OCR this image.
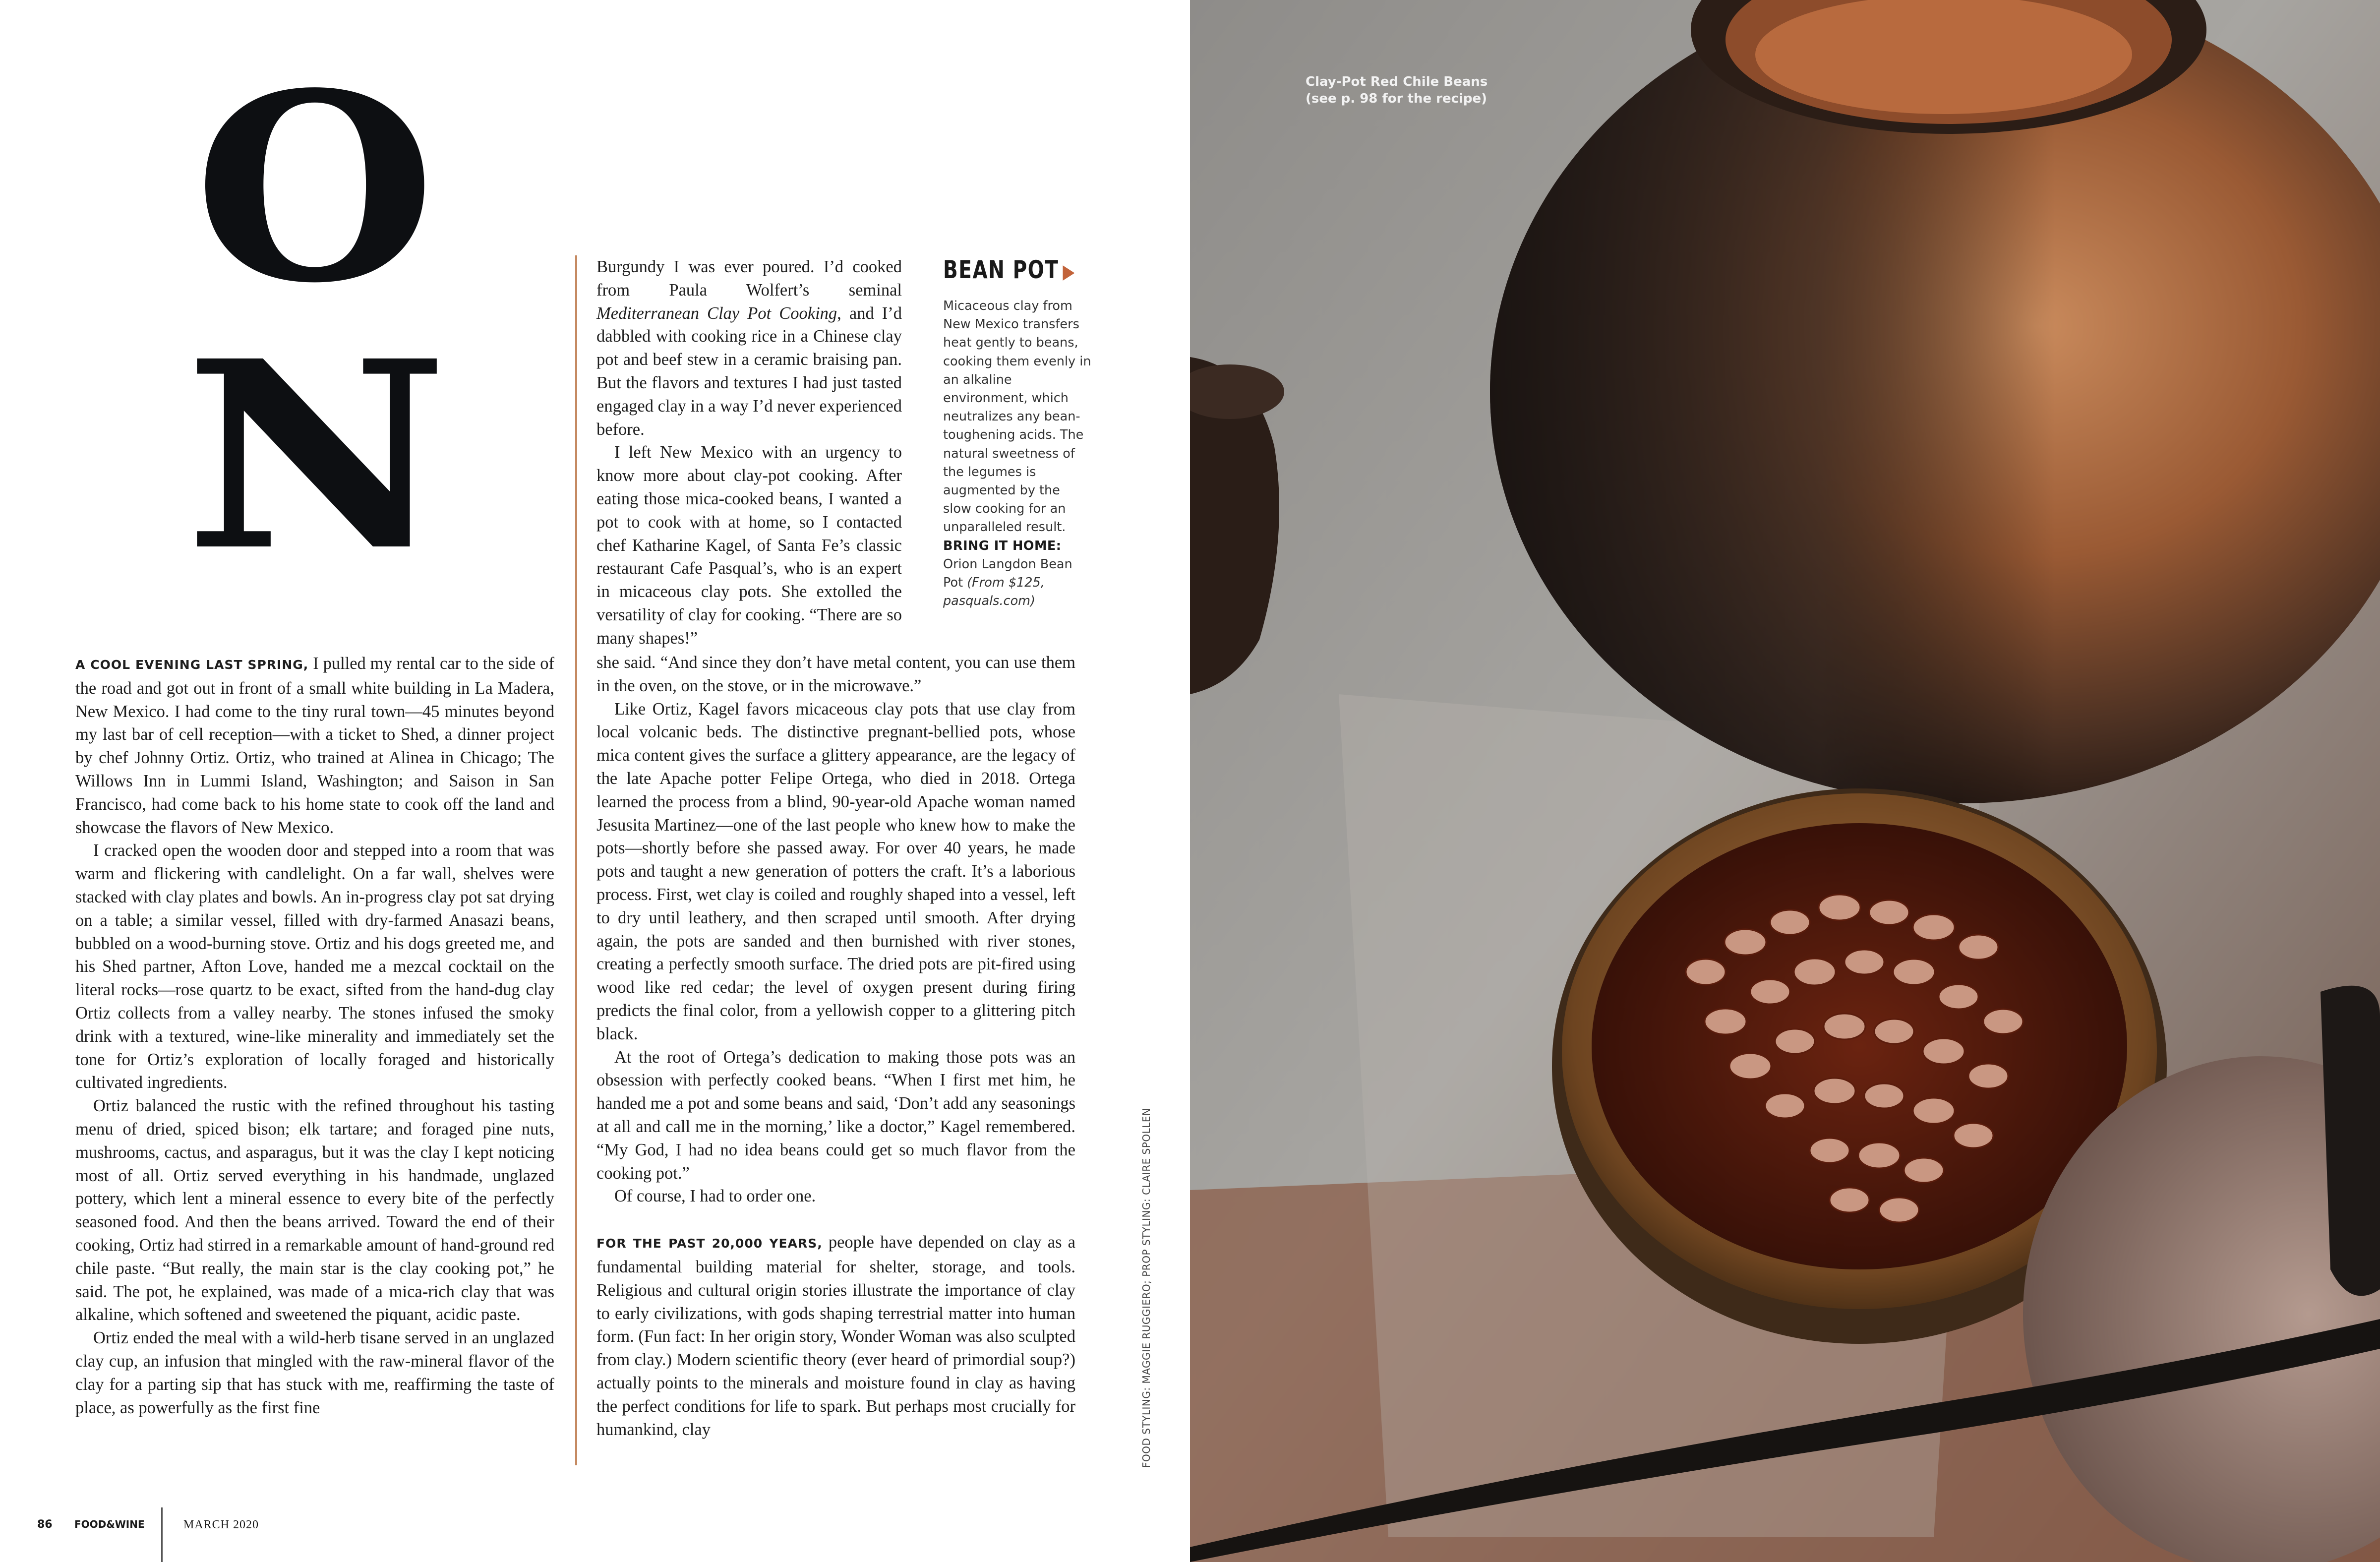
O
N

A COOL EVENING LAST SPRING, I pulled my rental car to the side of the road and got out in front of a small white building in La Madera, New Mexico. I had come to the tiny rural town—45 minutes beyond my last bar of cell reception—with a ticket to Shed, a dinner project by chef Johnny Ortiz. Ortiz, who trained at Alinea in Chicago; The Willows Inn in Lummi Island, Washington; and Saison in San Francisco, had come back to his home state to cook off the land and showcase the flavors of New Mexico.

I cracked open the wooden door and stepped into a room that was warm and flickering with candlelight. On a far wall, shelves were stacked with clay plates and bowls. An in-progress clay pot sat drying on a table; a similar vessel, filled with dry-farmed Anasazi beans, bubbled on a wood-burning stove. Ortiz and his dogs greeted me, and his Shed partner, Afton Love, handed me a mezcal cocktail on the literal rocks—rose quartz to be exact, sifted from the hand-dug clay Ortiz collects from a valley nearby. The stones infused the smoky drink with a textured, wine-like minerality and immediately set the tone for Ortiz’s exploration of locally foraged and historically cultivated ingredients.

Ortiz balanced the rustic with the refined throughout his tasting menu of dried, spiced bison; elk tartare; and foraged pine nuts, mushrooms, cactus, and asparagus, but it was the clay I kept noticing most of all. Ortiz served everything in his handmade, unglazed pottery, which lent a mineral essence to every bite of the perfectly seasoned food. And then the beans arrived. Toward the end of their cooking, Ortiz had stirred in a remarkable amount of hand-ground red chile paste. “But really, the main star is the clay cooking pot,” he said. The pot, he explained, was made of a mica-rich clay that was alkaline, which softened and sweetened the piquant, acidic paste.

Ortiz ended the meal with a wild-herb tisane served in an unglazed clay cup, an infusion that mingled with the raw-mineral flavor of the clay for a parting sip that has stuck with me, reaffirming the taste of place, as powerfully as the first fine

Burgundy I was ever poured. I’d cooked from Paula Wolfert’s seminal Mediterranean Clay Pot Cooking, and I’d dabbled with cooking rice in a Chinese clay pot and beef stew in a ceramic braising pan. But the flavors and textures I had just tasted engaged clay in a way I’d never experienced before.

I left New Mexico with an urgency to know more about clay-pot cooking. After eating those mica-cooked beans, I wanted a pot to cook with at home, so I contacted chef Katharine Kagel, of Santa Fe’s classic restaurant Cafe Pasqual’s, who is an expert in micaceous clay pots. She extolled the versatility of clay for cooking. “There are so many shapes!”

she said. “And since they don’t have metal content, you can use them in the oven, on the stove, or in the microwave.”

Like Ortiz, Kagel favors micaceous clay pots that use clay from local volcanic beds. The distinctive pregnant-bellied pots, whose mica content gives the surface a glittery appearance, are the legacy of the late Apache potter Felipe Ortega, who died in 2018. Ortega learned the process from a blind, 90-year-old Apache woman named Jesusita Martinez—one of the last people who knew how to make the pots—shortly before she passed away. For over 40 years, he made pots and taught a new generation of potters the craft. It’s a laborious process. First, wet clay is coiled and roughly shaped into a vessel, left to dry until leathery, and then scraped until smooth. After drying again, the pots are sanded and then burnished with river stones, creating a perfectly smooth surface. The dried pots are pit-fired using wood like red cedar; the level of oxygen present during firing predicts the final color, from a yellowish copper to a glittering pitch black.

At the root of Ortega’s dedication to making those pots was an obsession with perfectly cooked beans. “When I first met him, he handed me a pot and some beans and said, ‘Don’t add any seasonings at all and call me in the morning,’ like a doctor,” Kagel remembered. “My God, I had no idea beans could get so much flavor from the cooking pot.”

Of course, I had to order one.

FOR THE PAST 20,000 YEARS, people have depended on clay as a fundamental building material for shelter, storage, and tools. Religious and cultural origin stories illustrate the importance of clay to early civilizations, with gods shaping terrestrial matter into human form. (Fun fact: In her origin story, Wonder Woman was also sculpted from clay.) Modern scientific theory (ever heard of primordial soup?) actually points to the minerals and moisture found in clay as having the perfect conditions for life to spark. But perhaps most crucially for humankind, clay

BEAN POT ▶
Micaceous clay from New Mexico transfers heat gently to beans, cooking them evenly in an alkaline environment, which neutralizes any bean-toughening acids. The natural sweetness of the legumes is augmented by the slow cooking for an unparalleled result.
BRING IT HOME: Orion Langdon Bean Pot (From $125, pasquals.com)
FOOD STYLING: MAGGIE RUGGIERO; PROP STYLING: CLAIRE SPOLLEN
86 FOOD&WINE	MARCH 2020
Clay-Pot Red Chile Beans
(see p. 98 for the recipe)
